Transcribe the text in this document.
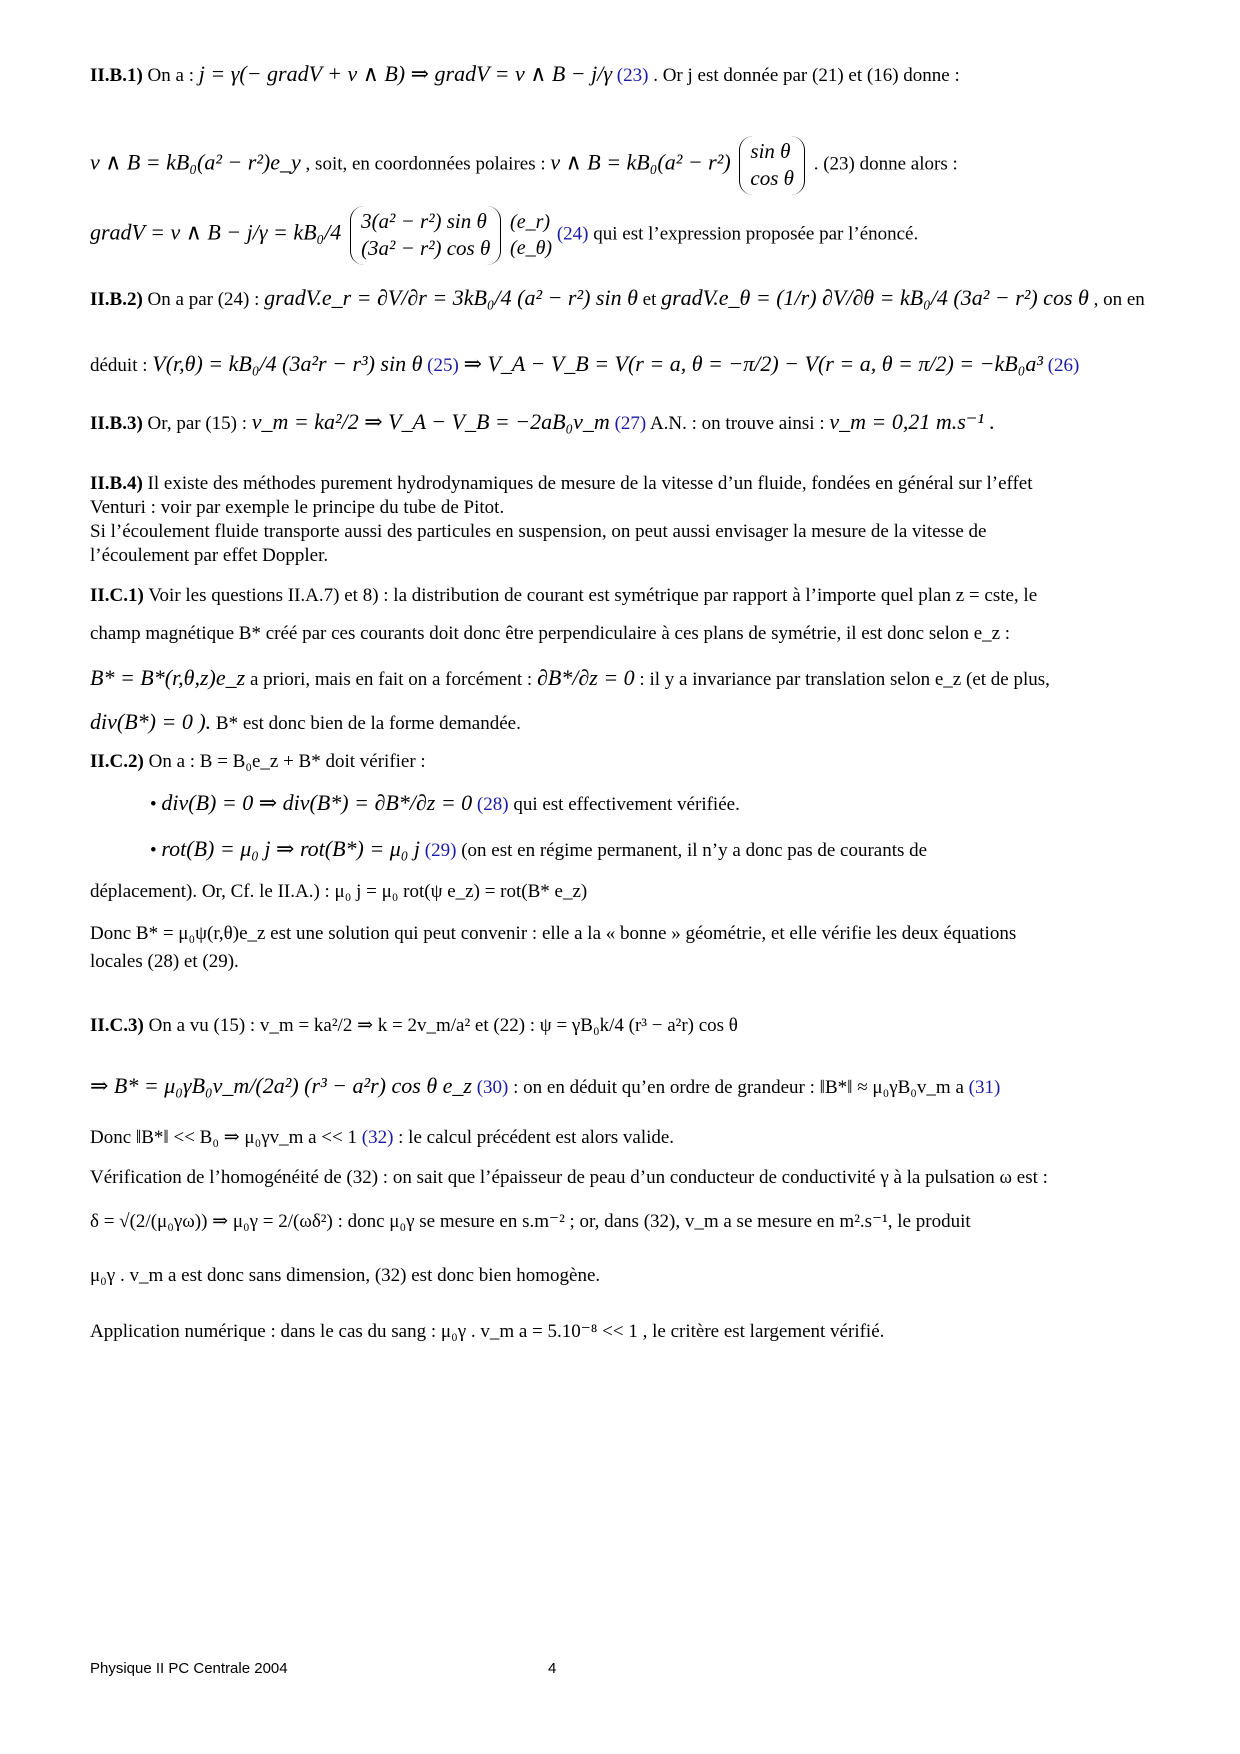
II.B.1) On a : j = γ(− gradV + v ∧ B) ⇒ gradV = v ∧ B − j/γ (23) . Or j est donnée par (21) et (16) donne :
v ∧ B = kB₀(a² − r²)e_y , soit, en coordonnées polaires : v ∧ B = kB₀(a² − r²) sin θ
cos θ
. (23) donne alors :
gradV = v ∧ B − j/γ = kB₀/4 3(a² − r²) sin θ
(3a² − r²) cos θ

(e_r)
(e_θ)
(24) qui est l’expression proposée par l’énoncé.
II.B.2) On a par (24) : gradV.e_r = ∂V/∂r = 3kB₀/4 (a² − r²) sin θ et gradV.e_θ = (1/r) ∂V/∂θ = kB₀/4 (3a² − r²) cos θ , on en
déduit : V(r,θ) = kB₀/4 (3a²r − r³) sin θ (25) ⇒ V_A − V_B = V(r = a, θ = −π/2) − V(r = a, θ = π/2) = −kB₀a³ (26)
II.B.3) Or, par (15) : v_m = ka²/2 ⇒ V_A − V_B = −2aB₀v_m (27) A.N. : on trouve ainsi : v_m = 0,21 m.s⁻¹ .
II.B.4) Il existe des méthodes purement hydrodynamiques de mesure de la vitesse d’un fluide, fondées en général sur l’effet
Venturi : voir par exemple le principe du tube de Pitot.
Si l’écoulement fluide transporte aussi des particules en suspension, on peut aussi envisager la mesure de la vitesse de
l’écoulement par effet Doppler.
II.C.1) Voir les questions II.A.7) et 8) : la distribution de courant est symétrique par rapport à l’importe quel plan z = cste, le
champ magnétique B* créé par ces courants doit donc être perpendiculaire à ces plans de symétrie, il est donc selon e_z :
B* = B*(r,θ,z)e_z a priori, mais en fait on a forcément : ∂B*/∂z = 0 : il y a invariance par translation selon e_z (et de plus,
div(B*) = 0 ). B* est donc bien de la forme demandée.
II.C.2) On a : B = B₀e_z + B* doit vérifier :
• div(B) = 0 ⇒ div(B*) = ∂B*/∂z = 0 (28) qui est effectivement vérifiée.
• rot(B) = μ₀ j ⇒ rot(B*) = μ₀ j (29) (on est en régime permanent, il n’y a donc pas de courants de
déplacement). Or, Cf. le II.A.) : μ₀ j = μ₀ rot(ψ e_z) = rot(B* e_z)
Donc B* = μ₀ψ(r,θ)e_z est une solution qui peut convenir : elle a la « bonne » géométrie, et elle vérifie les deux équations
locales (28) et (29).
II.C.3) On a vu (15) : v_m = ka²/2 ⇒ k = 2v_m/a² et (22) : ψ = γB₀k/4 (r³ − a²r) cos θ
⇒ B* = μ₀γB₀v_m/(2a²) (r³ − a²r) cos θ e_z (30) : on en déduit qu’en ordre de grandeur : ‖B*‖ ≈ μ₀γB₀v_m a (31)
Donc ‖B*‖ << B₀ ⇒ μ₀γv_m a << 1 (32) : le calcul précédent est alors valide.
Vérification de l’homogénéité de (32) : on sait que l’épaisseur de peau d’un conducteur de conductivité γ à la pulsation ω est :
δ = √(2/(μ₀γω)) ⇒ μ₀γ = 2/(ωδ²) : donc μ₀γ se mesure en s.m⁻² ; or, dans (32), v_m a se mesure en m².s⁻¹, le produit
μ₀γ . v_m a est donc sans dimension, (32) est donc bien homogène.
Application numérique : dans le cas du sang : μ₀γ . v_m a = 5.10⁻⁸ << 1 , le critère est largement vérifié.
Physique II PC Centrale 2004	4
